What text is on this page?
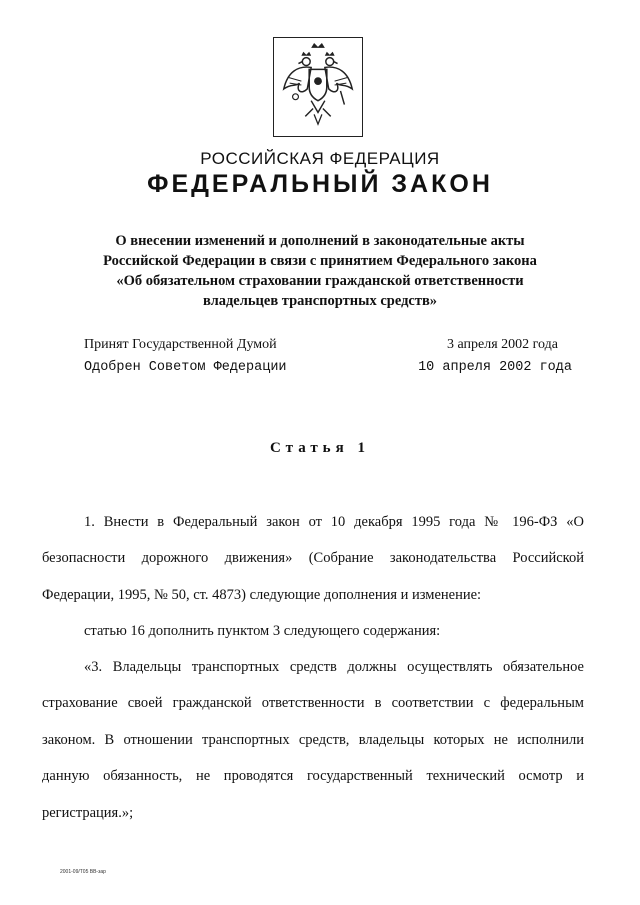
РОССИЙСКАЯ ФЕДЕРАЦИЯ
ФЕДЕРАЛЬНЫЙ ЗАКОН
О внесении изменений и дополнений в законодательные акты
Российской Федерации в связи с принятием Федерального закона
«Об обязательном страховании гражданской ответственности
владельцев транспортных средств»
Принят Государственной Думой	3 апреля 2002 года
Одобрен Советом Федерации	10 апреля 2002 года
Статья 1
1. Внести в Федеральный закон от 10 декабря 1995 года № 196-ФЗ «О
безопасности дорожного движения» (Собрание законодательства Российской
Федерации, 1995, № 50, ст. 4873) следующие дополнения и изменение:
статью 16 дополнить пунктом 3 следующего содержания:
«3. Владельцы транспортных средств должны осуществлять обязательное
страхование своей гражданской ответственности в соответствии с федеральным
законом. В отношении транспортных средств, владельцы которых не исполнили
данную обязанность, не проводятся государственный технический осмотр и
регистрация.»;
2001-09/Т05 ВВ-зар
